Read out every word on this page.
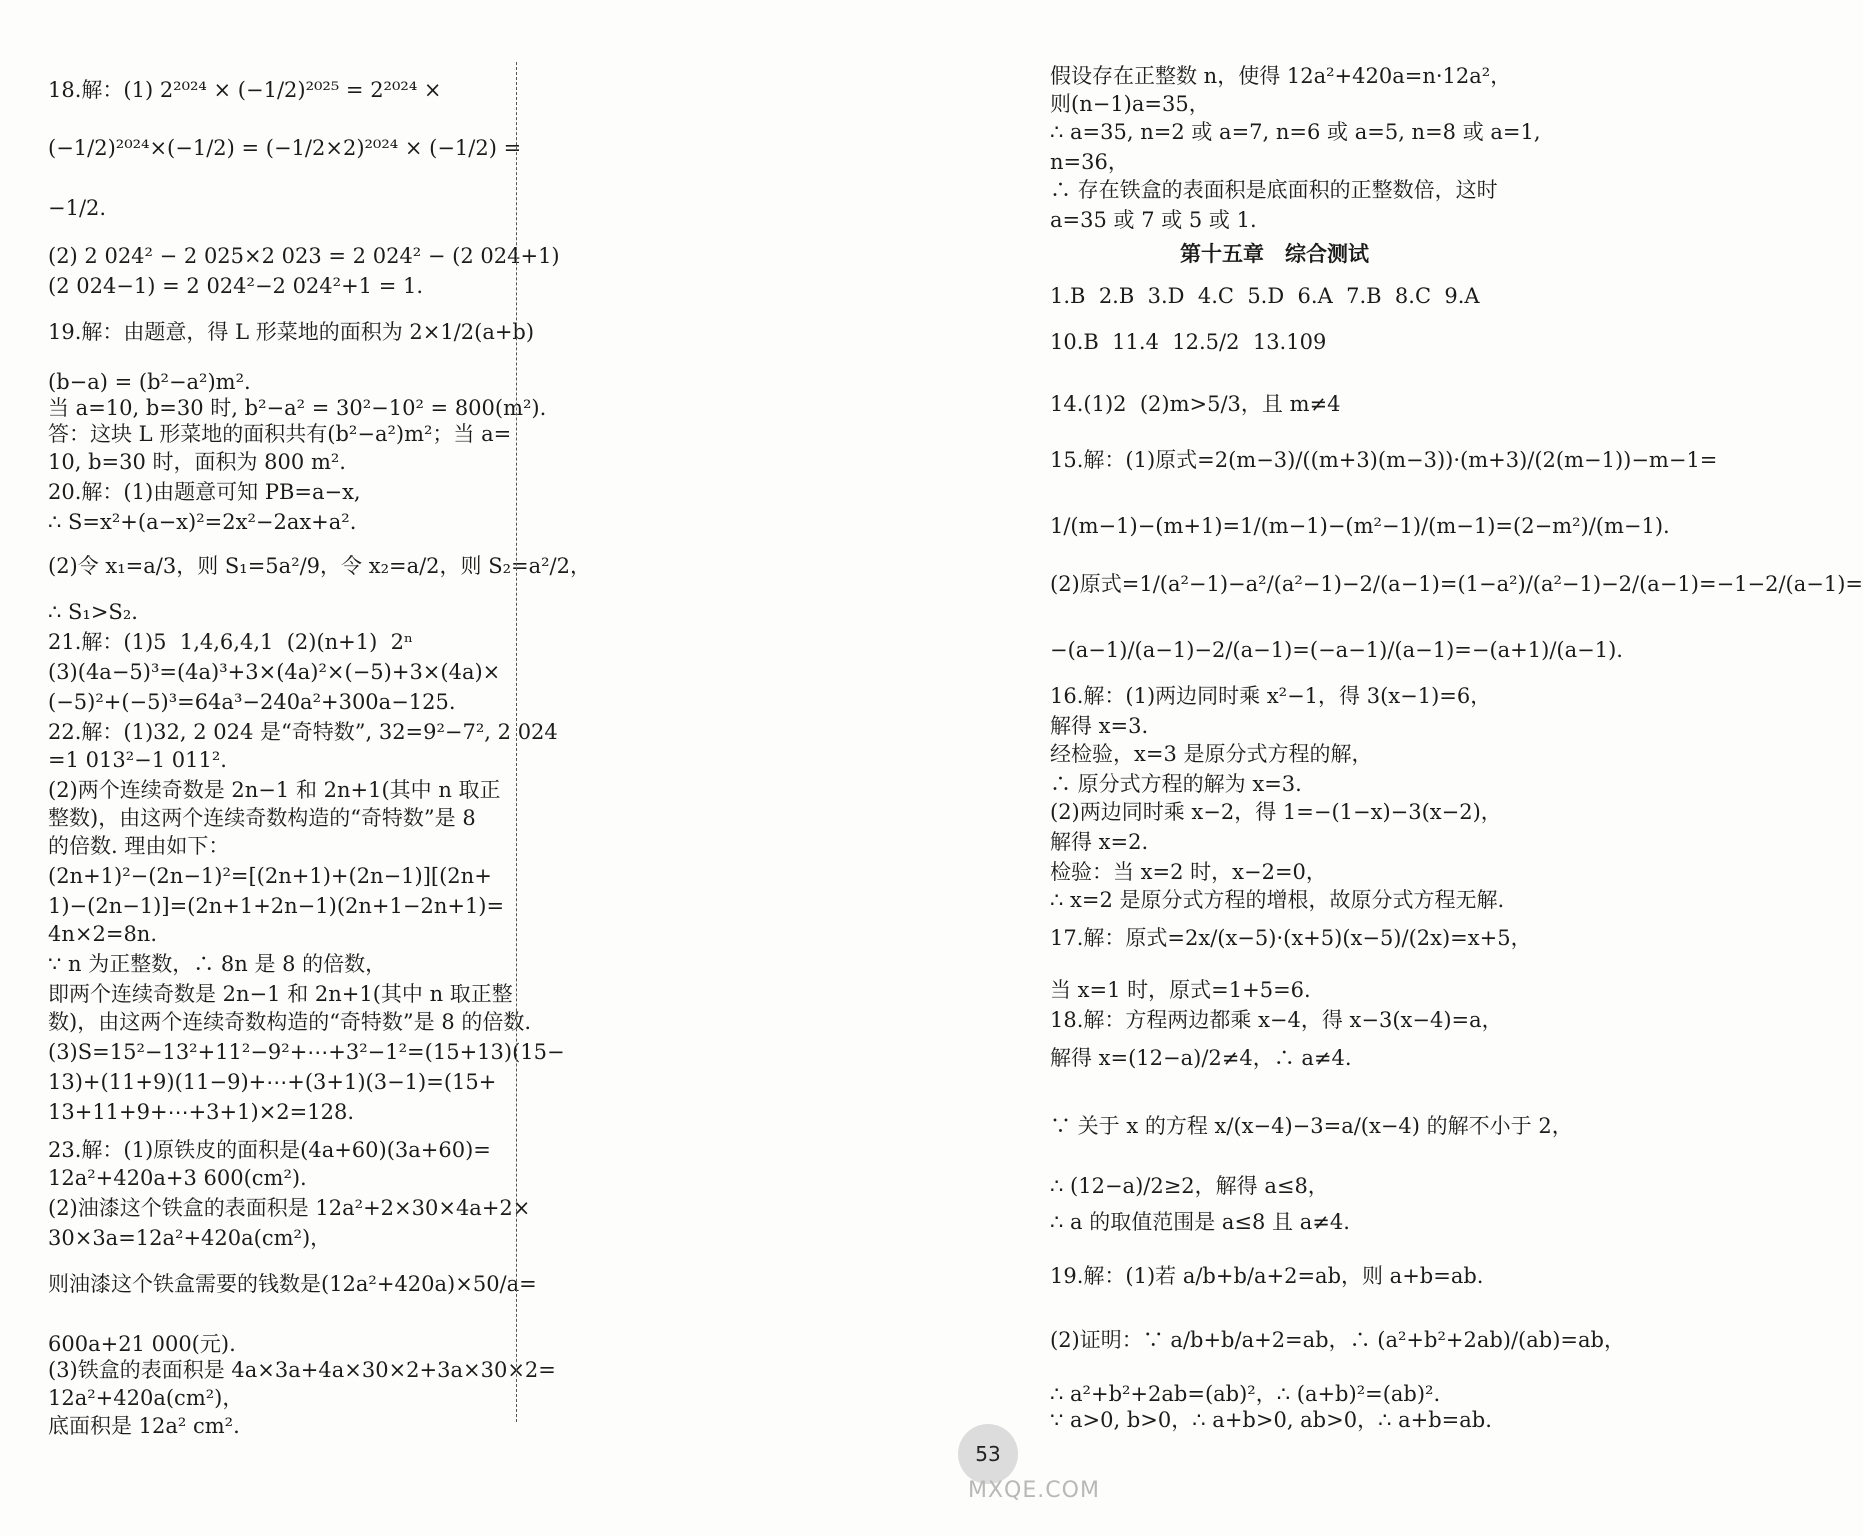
18.解：(1) 2²⁰²⁴ × (−1/2)²⁰²⁵ = 2²⁰²⁴ ×
(−1/2)²⁰²⁴×(−1/2) = (−1/2×2)²⁰²⁴ × (−1/2) =
−1/2.
(2) 2 024² − 2 025×2 023 = 2 024² − (2 024+1)
(2 024−1) = 2 024²−2 024²+1 = 1.
19.解：由题意，得 L 形菜地的面积为 2×1/2(a+b)
(b−a) = (b²−a²)m².
当 a=10, b=30 时, b²−a² = 30²−10² = 800(m²).
答：这块 L 形菜地的面积共有(b²−a²)m²；当 a=
10, b=30 时，面积为 800 m².
20.解：(1)由题意可知 PB=a−x,
∴ S=x²+(a−x)²=2x²−2ax+a².
(2)令 x₁=a/3，则 S₁=5a²/9，令 x₂=a/2，则 S₂=a²/2，
∴ S₁>S₂.
21.解：(1)5  1,4,6,4,1  (2)(n+1)  2ⁿ
(3)(4a−5)³=(4a)³+3×(4a)²×(−5)+3×(4a)×
(−5)²+(−5)³=64a³−240a²+300a−125.
22.解：(1)32, 2 024 是“奇特数”, 32=9²−7², 2 024
=1 013²−1 011².
(2)两个连续奇数是 2n−1 和 2n+1(其中 n 取正
整数)，由这两个连续奇数构造的“奇特数”是 8
的倍数. 理由如下：
(2n+1)²−(2n−1)²=[(2n+1)+(2n−1)][(2n+
1)−(2n−1)]=(2n+1+2n−1)(2n+1−2n+1)=
4n×2=8n.
∵ n 为正整数，∴ 8n 是 8 的倍数，
即两个连续奇数是 2n−1 和 2n+1(其中 n 取正整
数)，由这两个连续奇数构造的“奇特数”是 8 的倍数.
(3)S=15²−13²+11²−9²+⋯+3²−1²=(15+13)(15−
13)+(11+9)(11−9)+⋯+(3+1)(3−1)=(15+
13+11+9+⋯+3+1)×2=128.
23.解：(1)原铁皮的面积是(4a+60)(3a+60)=
12a²+420a+3 600(cm²).
(2)油漆这个铁盒的表面积是 12a²+2×30×4a+2×
30×3a=12a²+420a(cm²)，
则油漆这个铁盒需要的钱数是(12a²+420a)×50/a=
600a+21 000(元).
(3)铁盒的表面积是 4a×3a+4a×30×2+3a×30×2=
12a²+420a(cm²)，
底面积是 12a² cm².
假设存在正整数 n，使得 12a²+420a=n·12a²，
则(n−1)a=35，
∴ a=35, n=2 或 a=7, n=6 或 a=5, n=8 或 a=1,
n=36，
∴ 存在铁盒的表面积是底面积的正整数倍，这时
a=35 或 7 或 5 或 1.
第十五章　综合测试
1.B  2.B  3.D  4.C  5.D  6.A  7.B  8.C  9.A
10.B  11.4  12.5/2  13.109
14.(1)2  (2)m>5/3，且 m≠4
15.解：(1)原式=2(m−3)/((m+3)(m−3))·(m+3)/(2(m−1))−m−1=
1/(m−1)−(m+1)=1/(m−1)−(m²−1)/(m−1)=(2−m²)/(m−1).
(2)原式=1/(a²−1)−a²/(a²−1)−2/(a−1)=(1−a²)/(a²−1)−2/(a−1)=−1−2/(a−1)=
−(a−1)/(a−1)−2/(a−1)=(−a−1)/(a−1)=−(a+1)/(a−1).
16.解：(1)两边同时乘 x²−1，得 3(x−1)=6，
解得 x=3.
经检验，x=3 是原分式方程的解，
∴ 原分式方程的解为 x=3.
(2)两边同时乘 x−2，得 1=−(1−x)−3(x−2)，
解得 x=2.
检验：当 x=2 时，x−2=0，
∴ x=2 是原分式方程的增根，故原分式方程无解.
17.解：原式=2x/(x−5)·(x+5)(x−5)/(2x)=x+5，
当 x=1 时，原式=1+5=6.
18.解：方程两边都乘 x−4，得 x−3(x−4)=a，
解得 x=(12−a)/2≠4，∴ a≠4.
∵ 关于 x 的方程 x/(x−4)−3=a/(x−4) 的解不小于 2，
∴ (12−a)/2≥2，解得 a≤8，
∴ a 的取值范围是 a≤8 且 a≠4.
19.解：(1)若 a/b+b/a+2=ab，则 a+b=ab.
(2)证明：∵ a/b+b/a+2=ab，∴ (a²+b²+2ab)/(ab)=ab，
∴ a²+b²+2ab=(ab)²，∴ (a+b)²=(ab)².
∵ a>0, b>0，∴ a+b>0, ab>0，∴ a+b=ab.
53
MXQE.COM
